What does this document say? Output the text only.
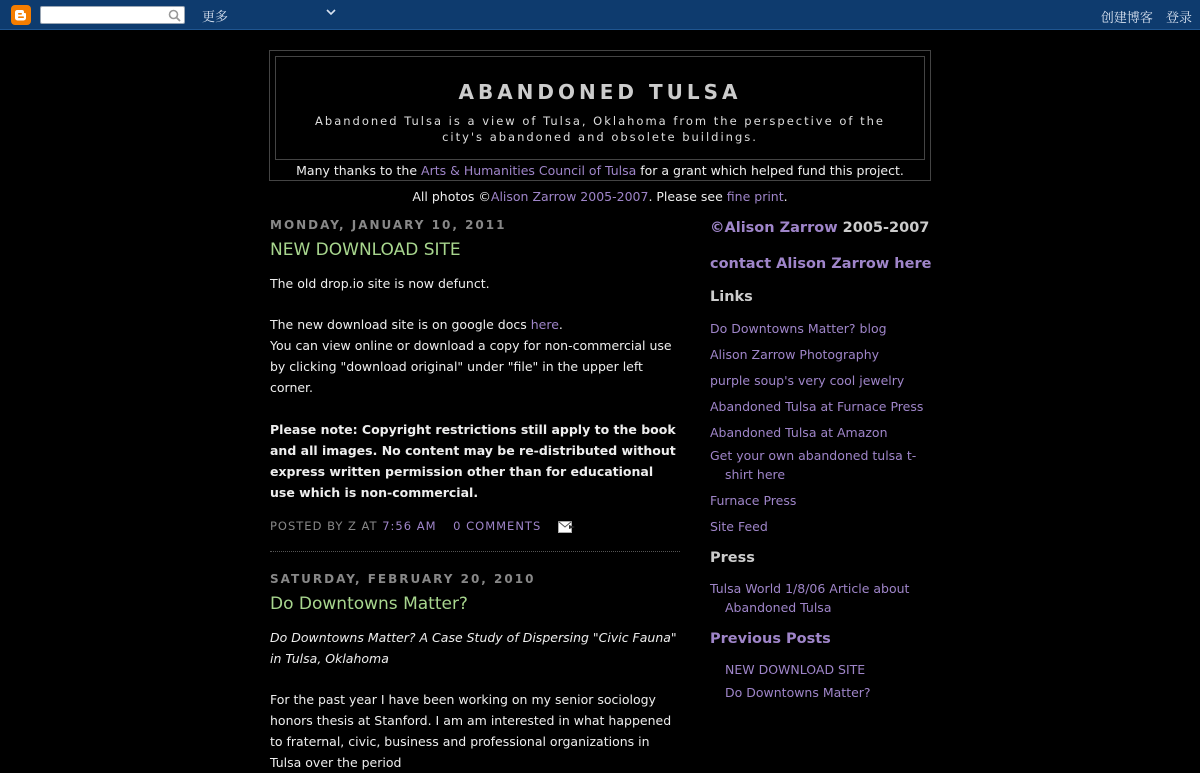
更多	创建博客 登录
ABANDONED TULSA

Abandoned Tulsa is a view of Tulsa, Oklahoma from the perspective of the city's abandoned and obsolete buildings.

Many thanks to the Arts & Humanities Council of Tulsa for a grant which helped fund this project.
All photos ©Alison Zarrow 2005-2007. Please see fine print.
MONDAY, JANUARY 10, 2011
NEW DOWNLOAD SITE

The old drop.io site is now defunct.

The new download site is on google docs here.

You can view online or download a copy for non-commercial use by clicking "download original" under "file" in the upper left corner.

Please note: Copyright restrictions still apply to the book and all images. No content may be re-distributed without express written permission other than for educational use which is non-commercial.

POSTED BY Z AT 7:56 AM 0 COMMENTS
SATURDAY, FEBRUARY 20, 2010
Do Downtowns Matter?

Do Downtowns Matter? A Case Study of Dispersing "Civic Fauna" in Tulsa, Oklahoma

For the past year I have been working on my senior sociology honors thesis at Stanford. I am am interested in what happened to fraternal, civic, business and professional organizations in Tulsa over the period

©Alison Zarrow 2005-2007
contact Alison Zarrow here
Links
Do Downtowns Matter? blog
Alison Zarrow Photography
purple soup's very cool jewelry
Abandoned Tulsa at Furnace Press
Abandoned Tulsa at Amazon
Get your own abandoned tulsa t-shirt here
Furnace Press
Site Feed
Press
Tulsa World 1/8/06 Article about Abandoned Tulsa
Previous Posts
NEW DOWNLOAD SITE
Do Downtowns Matter?
